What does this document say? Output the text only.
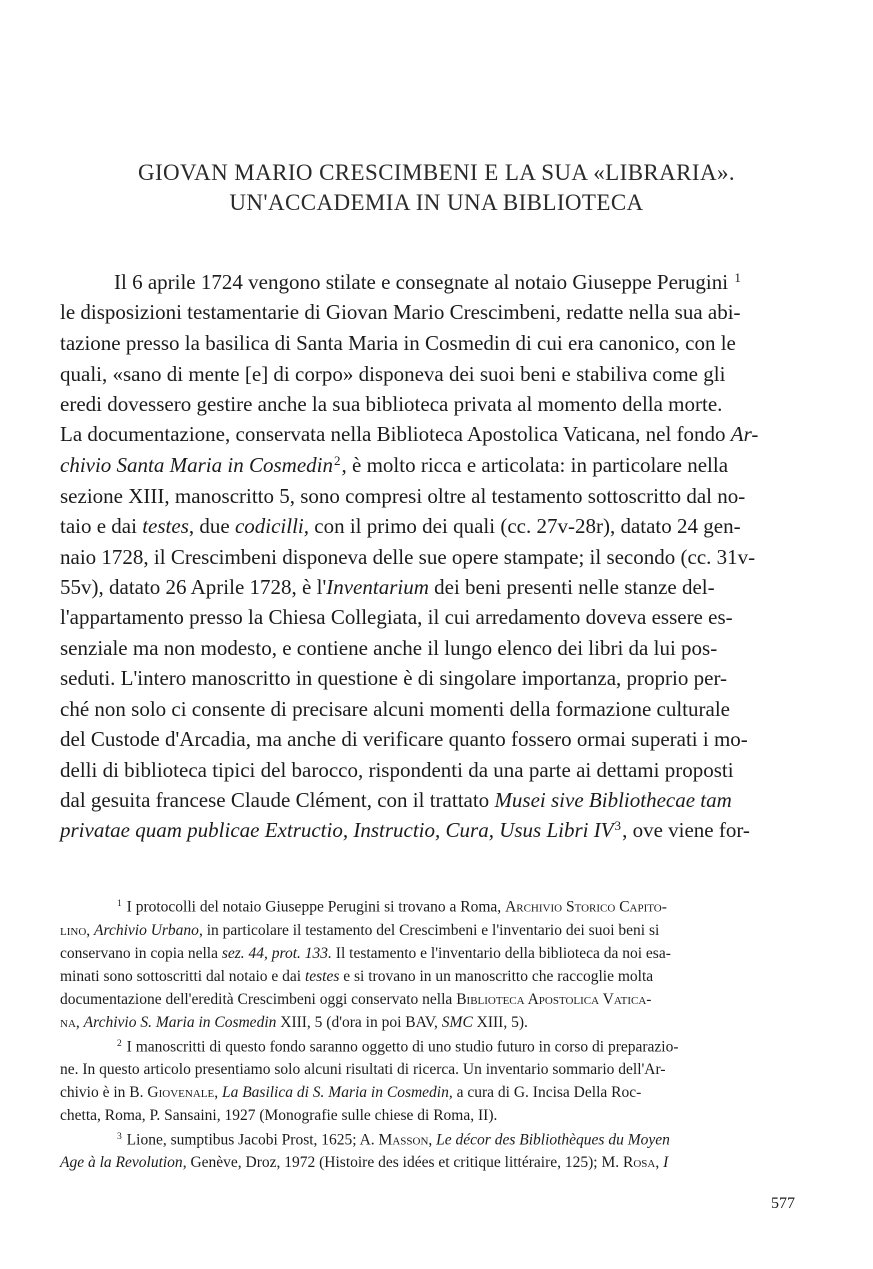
GIOVAN MARIO CRESCIMBENI E LA SUA «LIBRARIA».
UN'ACCADEMIA IN UNA BIBLIOTECA
Il 6 aprile 1724 vengono stilate e consegnate al notaio Giuseppe Perugini $^1$
le disposizioni testamentarie di Giovan Mario Crescimbeni, redatte nella sua abi-
tazione presso la basilica di Santa Maria in Cosmedin di cui era canonico, con le
quali, «sano di mente [e] di corpo» disponeva dei suoi beni e stabiliva come gli
eredi dovessero gestire anche la sua biblioteca privata al momento della morte.
La documentazione, conservata nella Biblioteca Apostolica Vaticana, nel fondo Ar-
chivio Santa Maria in Cosmedin$^2$, è molto ricca e articolata: in particolare nella
sezione XIII, manoscritto 5, sono compresi oltre al testamento sottoscritto dal no-
taio e dai testes, due codicilli, con il primo dei quali (cc. 27v-28r), datato 24 gen-
naio 1728, il Crescimbeni disponeva delle sue opere stampate; il secondo (cc. 31v-
55v), datato 26 Aprile 1728, è l'Inventarium dei beni presenti nelle stanze del-
l'appartamento presso la Chiesa Collegiata, il cui arredamento doveva essere es-
senziale ma non modesto, e contiene anche il lungo elenco dei libri da lui pos-
seduti. L'intero manoscritto in questione è di singolare importanza, proprio per-
ché non solo ci consente di precisare alcuni momenti della formazione culturale
del Custode d'Arcadia, ma anche di verificare quanto fossero ormai superati i mo-
delli di biblioteca tipici del barocco, rispondenti da una parte ai dettami proposti
dal gesuita francese Claude Clément, con il trattato Musei sive Bibliothecae tam
privatae quam publicae Extructio, Instructio, Cura, Usus Libri $IV^3$, ove viene for-
$^1$ I protocolli del notaio Giuseppe Perugini si trovano a Roma, Archivio Storico Capito-
lino, Archivio Urbano, in particolare il testamento del Crescimbeni e l'inventario dei suoi beni si
conservano in copia nella sez. 44, prot. 133. Il testamento e l'inventario della biblioteca da noi esa-
minati sono sottoscritti dal notaio e dai testes e si trovano in un manoscritto che raccoglie molta
documentazione dell'eredità Crescimbeni oggi conservato nella Biblioteca Apostolica Vatica-
na, Archivio S. Maria in Cosmedin XIII, 5 (d'ora in poi BAV, SMC XIII, 5).
$^2$ I manoscritti di questo fondo saranno oggetto di uno studio futuro in corso di preparazio-
ne. In questo articolo presentiamo solo alcuni risultati di ricerca. Un inventario sommario dell'Ar-
chivio è in B. Giovenale, La Basilica di S. Maria in Cosmedin, a cura di G. Incisa Della Roc-
chetta, Roma, P. Sansaini, 1927 (Monografie sulle chiese di Roma, II).
$^3$ Lione, sumptibus Jacobi Prost, 1625; A. Masson, Le décor des Bibliothèques du Moyen
Age à la Revolution, Genève, Droz, 1972 (Histoire des idées et critique littéraire, 125); M. Rosa, I
577
